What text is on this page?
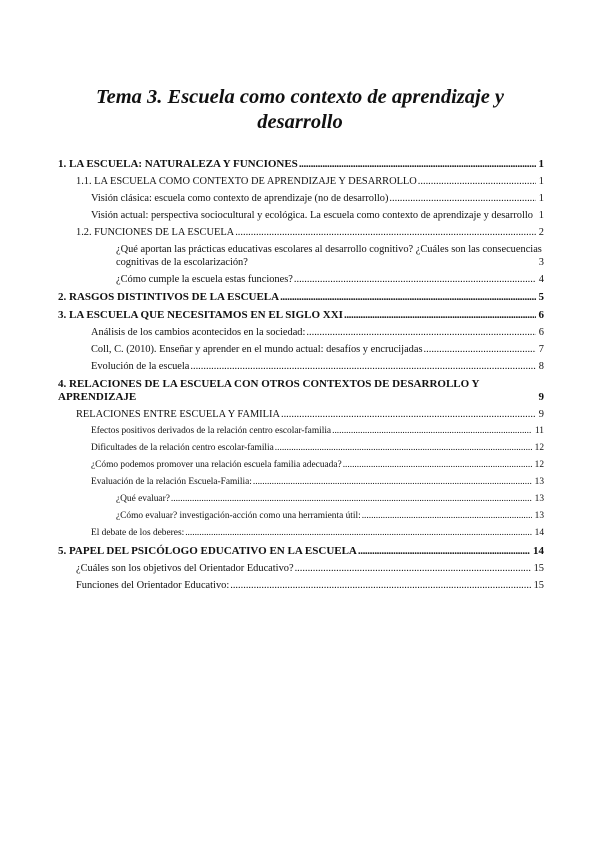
Tema 3. Escuela como contexto de aprendizaje y desarrollo
1. LA ESCUELA: NATURALEZA Y FUNCIONES .....	1
1.1. LA ESCUELA COMO CONTEXTO DE APRENDIZAJE Y DESARROLLO .....	1
Visión clásica: escuela como contexto de aprendizaje (no de desarrollo) .....	1
Visión actual: perspectiva sociocultural y ecológica. La escuela como contexto de aprendizaje y desarrollo 1
1.2. FUNCIONES DE LA ESCUELA .....	2
¿Qué aportan las prácticas educativas escolares al desarrollo cognitivo? ¿Cuáles son las consecuencias cognitivas de la escolarización?	3
¿Cómo cumple la escuela estas funciones? .....	4
2. RASGOS DISTINTIVOS DE LA ESCUELA .....	5
3. LA ESCUELA QUE NECESITAMOS EN EL SIGLO XXI .....	6
Análisis de los cambios acontecidos en la sociedad: .....	6
Coll, C. (2010). Enseñar y aprender en el mundo actual: desafíos y encrucijadas .....	7
Evolución de la escuela .....	8
4. RELACIONES DE LA ESCUELA CON OTROS CONTEXTOS DE DESARROLLO Y APRENDIZAJE	9
RELACIONES ENTRE ESCUELA Y FAMILIA .....	9
Efectos positivos derivados de la relación centro escolar-familia .....	11
Dificultades de la relación centro escolar-familia .....	12
¿Cómo podemos promover una relación escuela familia adecuada? .....	12
Evaluación de la relación Escuela-Familia: .....	13
¿Qué evaluar? .....	13
¿Cómo evaluar? investigación-acción como una herramienta útil: .....	13
El debate de los deberes: .....	14
5. PAPEL DEL PSICÓLOGO EDUCATIVO EN LA ESCUELA .....	14
¿Cuáles son los objetivos del Orientador Educativo? .....	15
Funciones del Orientador Educativo: .....	15
